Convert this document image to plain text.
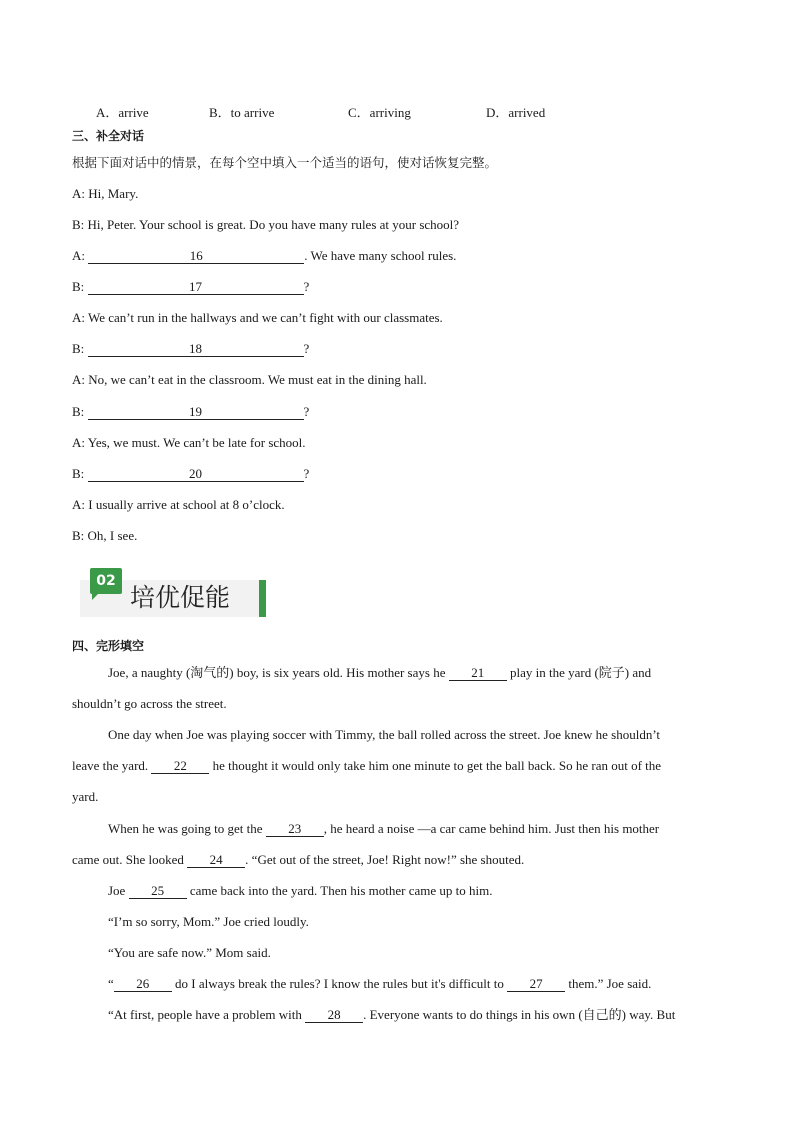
A．arrive	B．to arrive	C．arriving	D．arrived
三、补全对话
根据下面对话中的情景，在每个空中填入一个适当的语句，使对话恢复完整。
A: Hi, Mary.
B: Hi, Peter. Your school is great. Do you have many rules at your school?
A:	16	. We have many school rules.
B:	17	?
A: We can’t run in the hallways and we can’t fight with our classmates.
B:	18	?
A: No, we can’t eat in the classroom. We must eat in the dining hall.
B:	19	?
A: Yes, we must. We can’t be late for school.
B:	20	?
A: I usually arrive at school at 8 o’clock.
B: Oh, I see.
02
培优促能
四、完形填空
Joe, a naughty (淘气的) boy, is six years old. His mother says he 21 play in the yard (院子) and
shouldn’t go across the street.
One day when Joe was playing soccer with Timmy, the ball rolled across the street. Joe knew he shouldn’t
leave the yard. 22 he thought it would only take him one minute to get the ball back. So he ran out of the
yard.
When he was going to get the 23 , he heard a noise —a car came behind him. Just then his mother
came out. She looked 24 . “Get out of the street, Joe! Right now!” she shouted.
Joe 25 came back into the yard. Then his mother came up to him.
“I’m so sorry, Mom.” Joe cried loudly.
“You are safe now.” Mom said.
“ 26 do I always break the rules? I know the rules but it's difficult to 27 them.” Joe said.
“At first, people have a problem with 28 . Everyone wants to do things in his own (自己的) way. But
